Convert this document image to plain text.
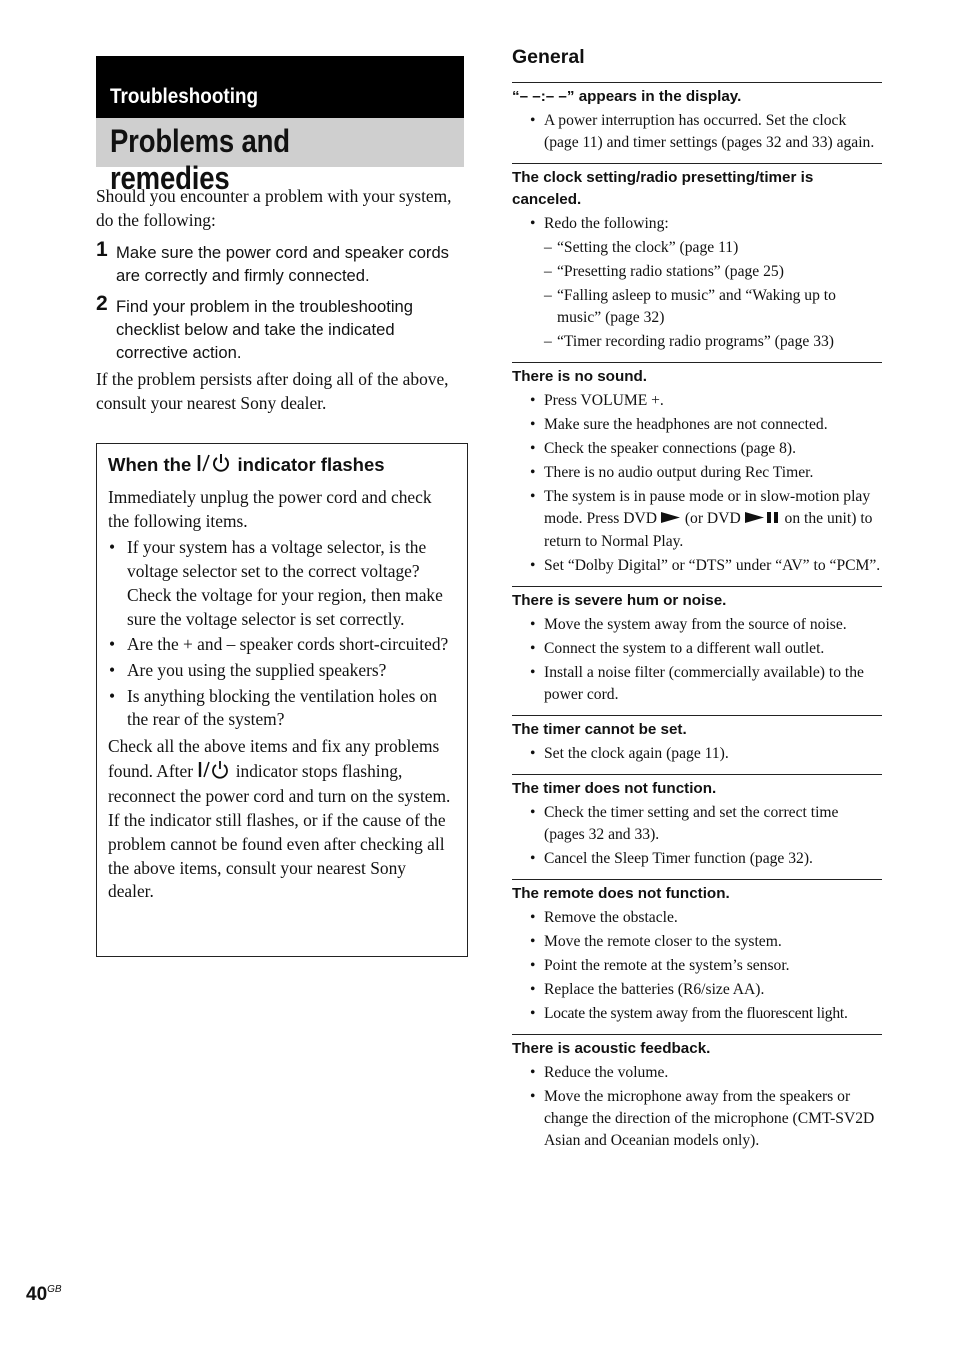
Troubleshooting
Problems and remedies

Should you encounter a problem with your system, do the following:

1 Make sure the power cord and speaker cords are correctly and firmly connected.

2 Find your problem in the troubleshooting checklist below and take the indicated corrective action.

If the problem persists after doing all of the above, consult your nearest Sony dealer.

When the  indicator flashes

Immediately unplug the power cord and check the following items.

• If your system has a voltage selector, is the voltage selector set to the correct voltage? Check the voltage for your region, then make sure the voltage selector is set correctly.
• Are the + and – speaker cords short-circuited?
• Are you using the supplied speakers?
• Is anything blocking the ventilation holes on the rear of the system?

Check all the above items and fix any problems found. After  indicator stops flashing, reconnect the power cord and turn on the system. If the indicator still flashes, or if the cause of the problem cannot be found even after checking all the above items, consult your nearest Sony dealer.

General

“– –:– –” appears in the display.

• A power interruption has occurred. Set the clock (page 11) and timer settings (pages 32 and 33) again.

The clock setting/radio presetting/timer is canceled.

• Redo the following:
– “Setting the clock” (page 11)
– “Presetting radio stations” (page 25)
– “Falling asleep to music” and “Waking up to music” (page 32)
– “Timer recording radio programs” (page 33)

There is no sound.

• Press VOLUME +.
• Make sure the headphones are not connected.
• Check the speaker connections (page 8).
• There is no audio output during Rec Timer.
• The system is in pause mode or in slow-motion play mode. Press DVD  (or DVD  on the unit) to return to Normal Play.
• Set “Dolby Digital” or “DTS” under “AV” to “PCM”.

There is severe hum or noise.

• Move the system away from the source of noise.
• Connect the system to a different wall outlet.
• Install a noise filter (commercially available) to the power cord.

The timer cannot be set.

• Set the clock again (page 11).

The timer does not function.

• Check the timer setting and set the correct time (pages 32 and 33).
• Cancel the Sleep Timer function (page 32).

The remote does not function.

• Remove the obstacle.
• Move the remote closer to the system.
• Point the remote at the system’s sensor.
• Replace the batteries (R6/size AA).
• Locate the system away from the fluorescent light.

There is acoustic feedback.

• Reduce the volume.
• Move the microphone away from the speakers or change the direction of the microphone (CMT-SV2D Asian and Oceanian models only).
$40^{GB}$
